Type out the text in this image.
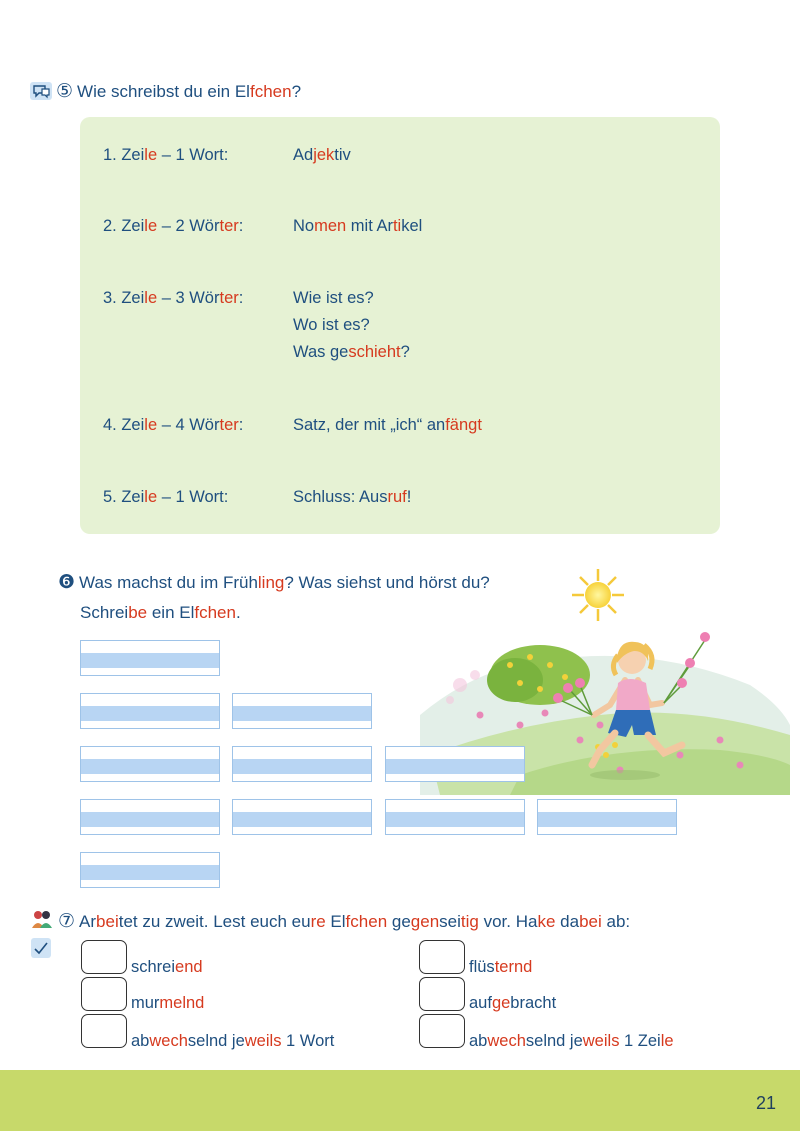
⑤ Wie schreibst du ein Elfchen?
1. Zeile – 1 Wort:	Adjektiv
2. Zeile – 2 Wörter:	Nomen mit Artikel
3. Zeile – 3 Wörter:	Wie ist es?
Wo ist es?
Was geschieht?
4. Zeile – 4 Wörter:	Satz, der mit „ich“ anfängt
5. Zeile – 1 Wort:	Schluss: Ausruf!
❻ Was machst du im Frühling? Was siehst und hörst du?
Schreibe ein Elfchen.
⑦ Arbeitet zu zweit. Lest euch eure Elfchen gegenseitig vor. Hake dabei ab:
schreiend
murmelnd
abwechselnd jeweils 1 Wort
flüsternd
aufgebracht
abwechselnd jeweils 1 Zeile
21
